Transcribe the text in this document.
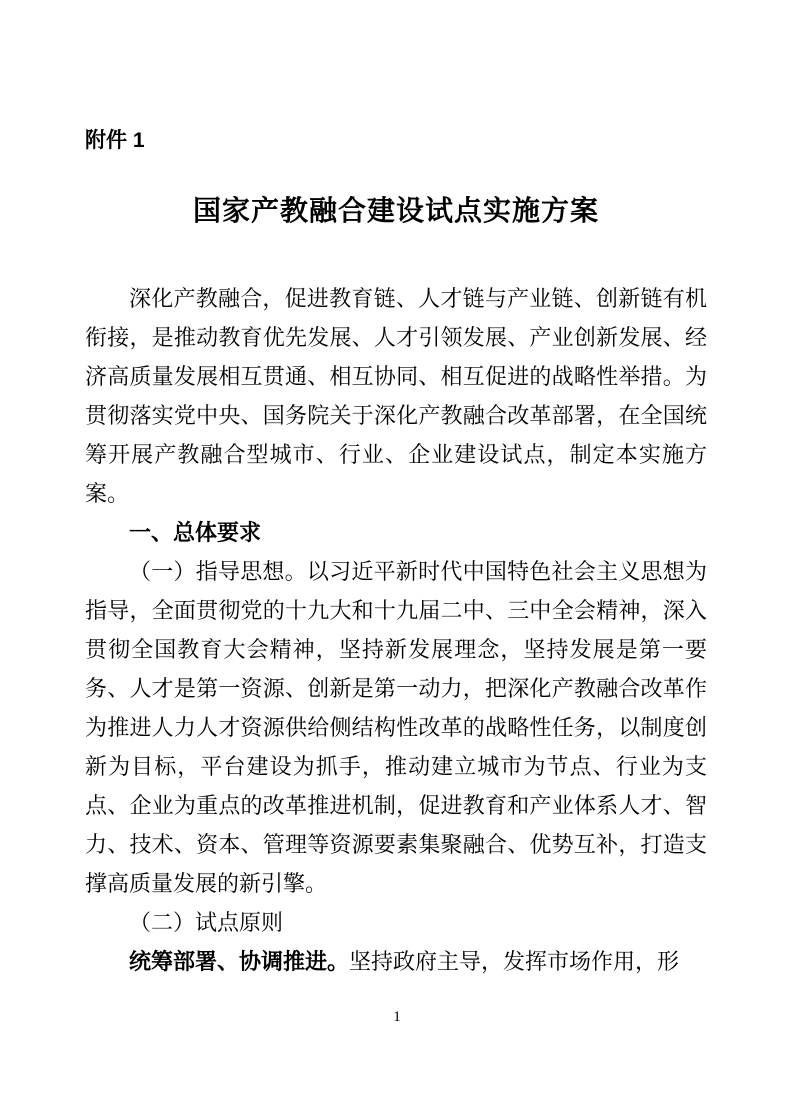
附件 1
国家产教融合建设试点实施方案

深化产教融合，促进教育链、人才链与产业链、创新链有机衔接，是推动教育优先发展、人才引领发展、产业创新发展、经济高质量发展相互贯通、相互协同、相互促进的战略性举措。为贯彻落实党中央、国务院关于深化产教融合改革部署，在全国统筹开展产教融合型城市、行业、企业建设试点，制定本实施方案。

一、总体要求

（一）指导思想。以习近平新时代中国特色社会主义思想为指导，全面贯彻党的十九大和十九届二中、三中全会精神，深入贯彻全国教育大会精神，坚持新发展理念，坚持发展是第一要务、人才是第一资源、创新是第一动力，把深化产教融合改革作为推进人力人才资源供给侧结构性改革的战略性任务，以制度创新为目标，平台建设为抓手，推动建立城市为节点、行业为支点、企业为重点的改革推进机制，促进教育和产业体系人才、智力、技术、资本、管理等资源要素集聚融合、优势互补，打造支撑高质量发展的新引擎。

（二）试点原则

统筹部署、协调推进。坚持政府主导，发挥市场作用，形

1
